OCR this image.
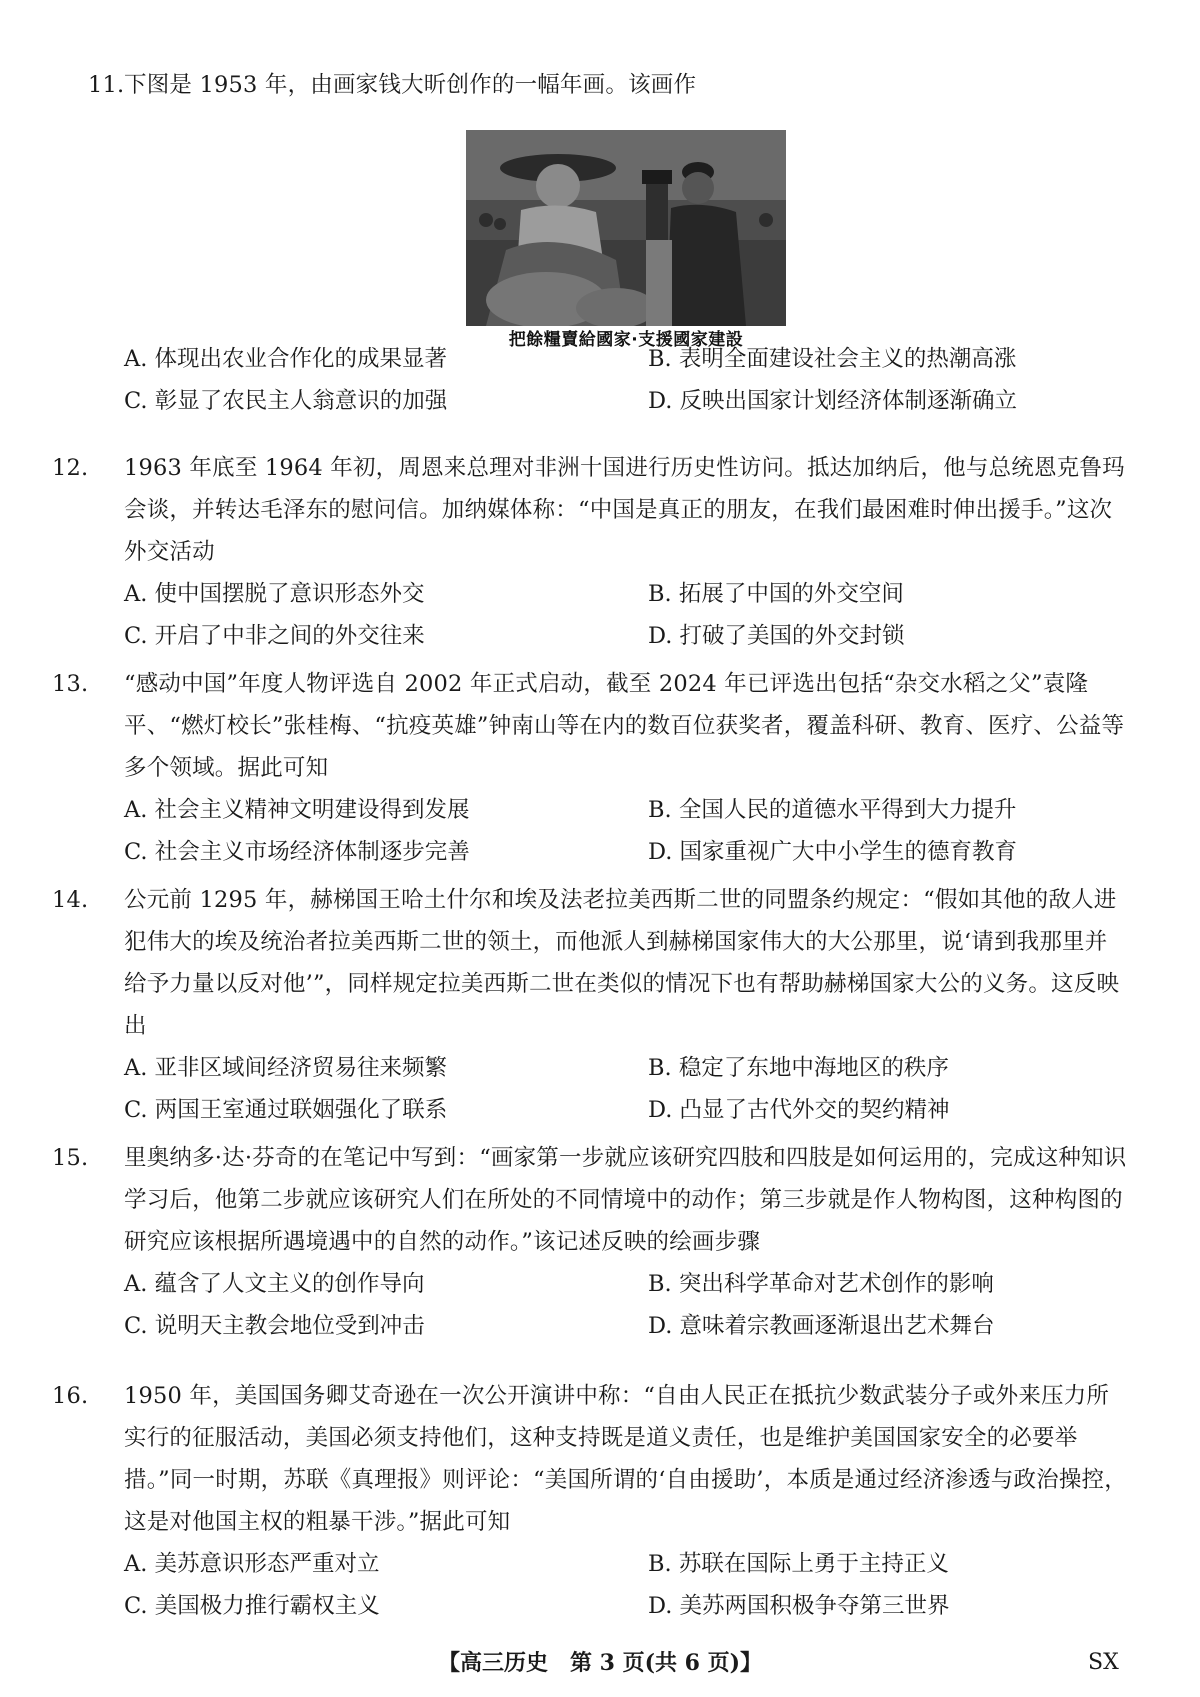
11.下图是 1953 年，由画家钱大昕创作的一幅年画。该画作
把餘糧賣給國家·支援國家建設
A. 体现出农业合作化的成果显著	B. 表明全面建设社会主义的热潮高涨
C. 彰显了农民主人翁意识的加强	D. 反映出国家计划经济体制逐渐确立
12. 1963 年底至 1964 年初，周恩来总理对非洲十国进行历史性访问。抵达加纳后，他与总统恩克鲁玛会谈，并转达毛泽东的慰问信。加纳媒体称：“中国是真正的朋友，在我们最困难时伸出援手。”这次外交活动
A. 使中国摆脱了意识形态外交	B. 拓展了中国的外交空间
C. 开启了中非之间的外交往来	D. 打破了美国的外交封锁
13. “感动中国”年度人物评选自 2002 年正式启动，截至 2024 年已评选出包括“杂交水稻之父”袁隆平、“燃灯校长”张桂梅、“抗疫英雄”钟南山等在内的数百位获奖者，覆盖科研、教育、医疗、公益等多个领域。据此可知
A. 社会主义精神文明建设得到发展	B. 全国人民的道德水平得到大力提升
C. 社会主义市场经济体制逐步完善	D. 国家重视广大中小学生的德育教育
14. 公元前 1295 年，赫梯国王哈土什尔和埃及法老拉美西斯二世的同盟条约规定：“假如其他的敌人进犯伟大的埃及统治者拉美西斯二世的领土，而他派人到赫梯国家伟大的大公那里，说‘请到我那里并给予力量以反对他’”，同样规定拉美西斯二世在类似的情况下也有帮助赫梯国家大公的义务。这反映出
A. 亚非区域间经济贸易往来频繁	B. 稳定了东地中海地区的秩序
C. 两国王室通过联姻强化了联系	D. 凸显了古代外交的契约精神
15. 里奥纳多·达·芬奇的在笔记中写到：“画家第一步就应该研究四肢和四肢是如何运用的，完成这种知识学习后，他第二步就应该研究人们在所处的不同情境中的动作；第三步就是作人物构图，这种构图的研究应该根据所遇境遇中的自然的动作。”该记述反映的绘画步骤
A. 蕴含了人文主义的创作导向	B. 突出科学革命对艺术创作的影响
C. 说明天主教会地位受到冲击	D. 意味着宗教画逐渐退出艺术舞台
16. 1950 年，美国国务卿艾奇逊在一次公开演讲中称：“自由人民正在抵抗少数武装分子或外来压力所实行的征服活动，美国必须支持他们，这种支持既是道义责任，也是维护美国国家安全的必要举措。”同一时期，苏联《真理报》则评论：“美国所谓的‘自由援助’，本质是通过经济渗透与政治操控，这是对他国主权的粗暴干涉。”据此可知
A. 美苏意识形态严重对立	B. 苏联在国际上勇于主持正义
C. 美国极力推行霸权主义	D. 美苏两国积极争夺第三世界
【高三历史　第 3 页(共 6 页)】	SX
